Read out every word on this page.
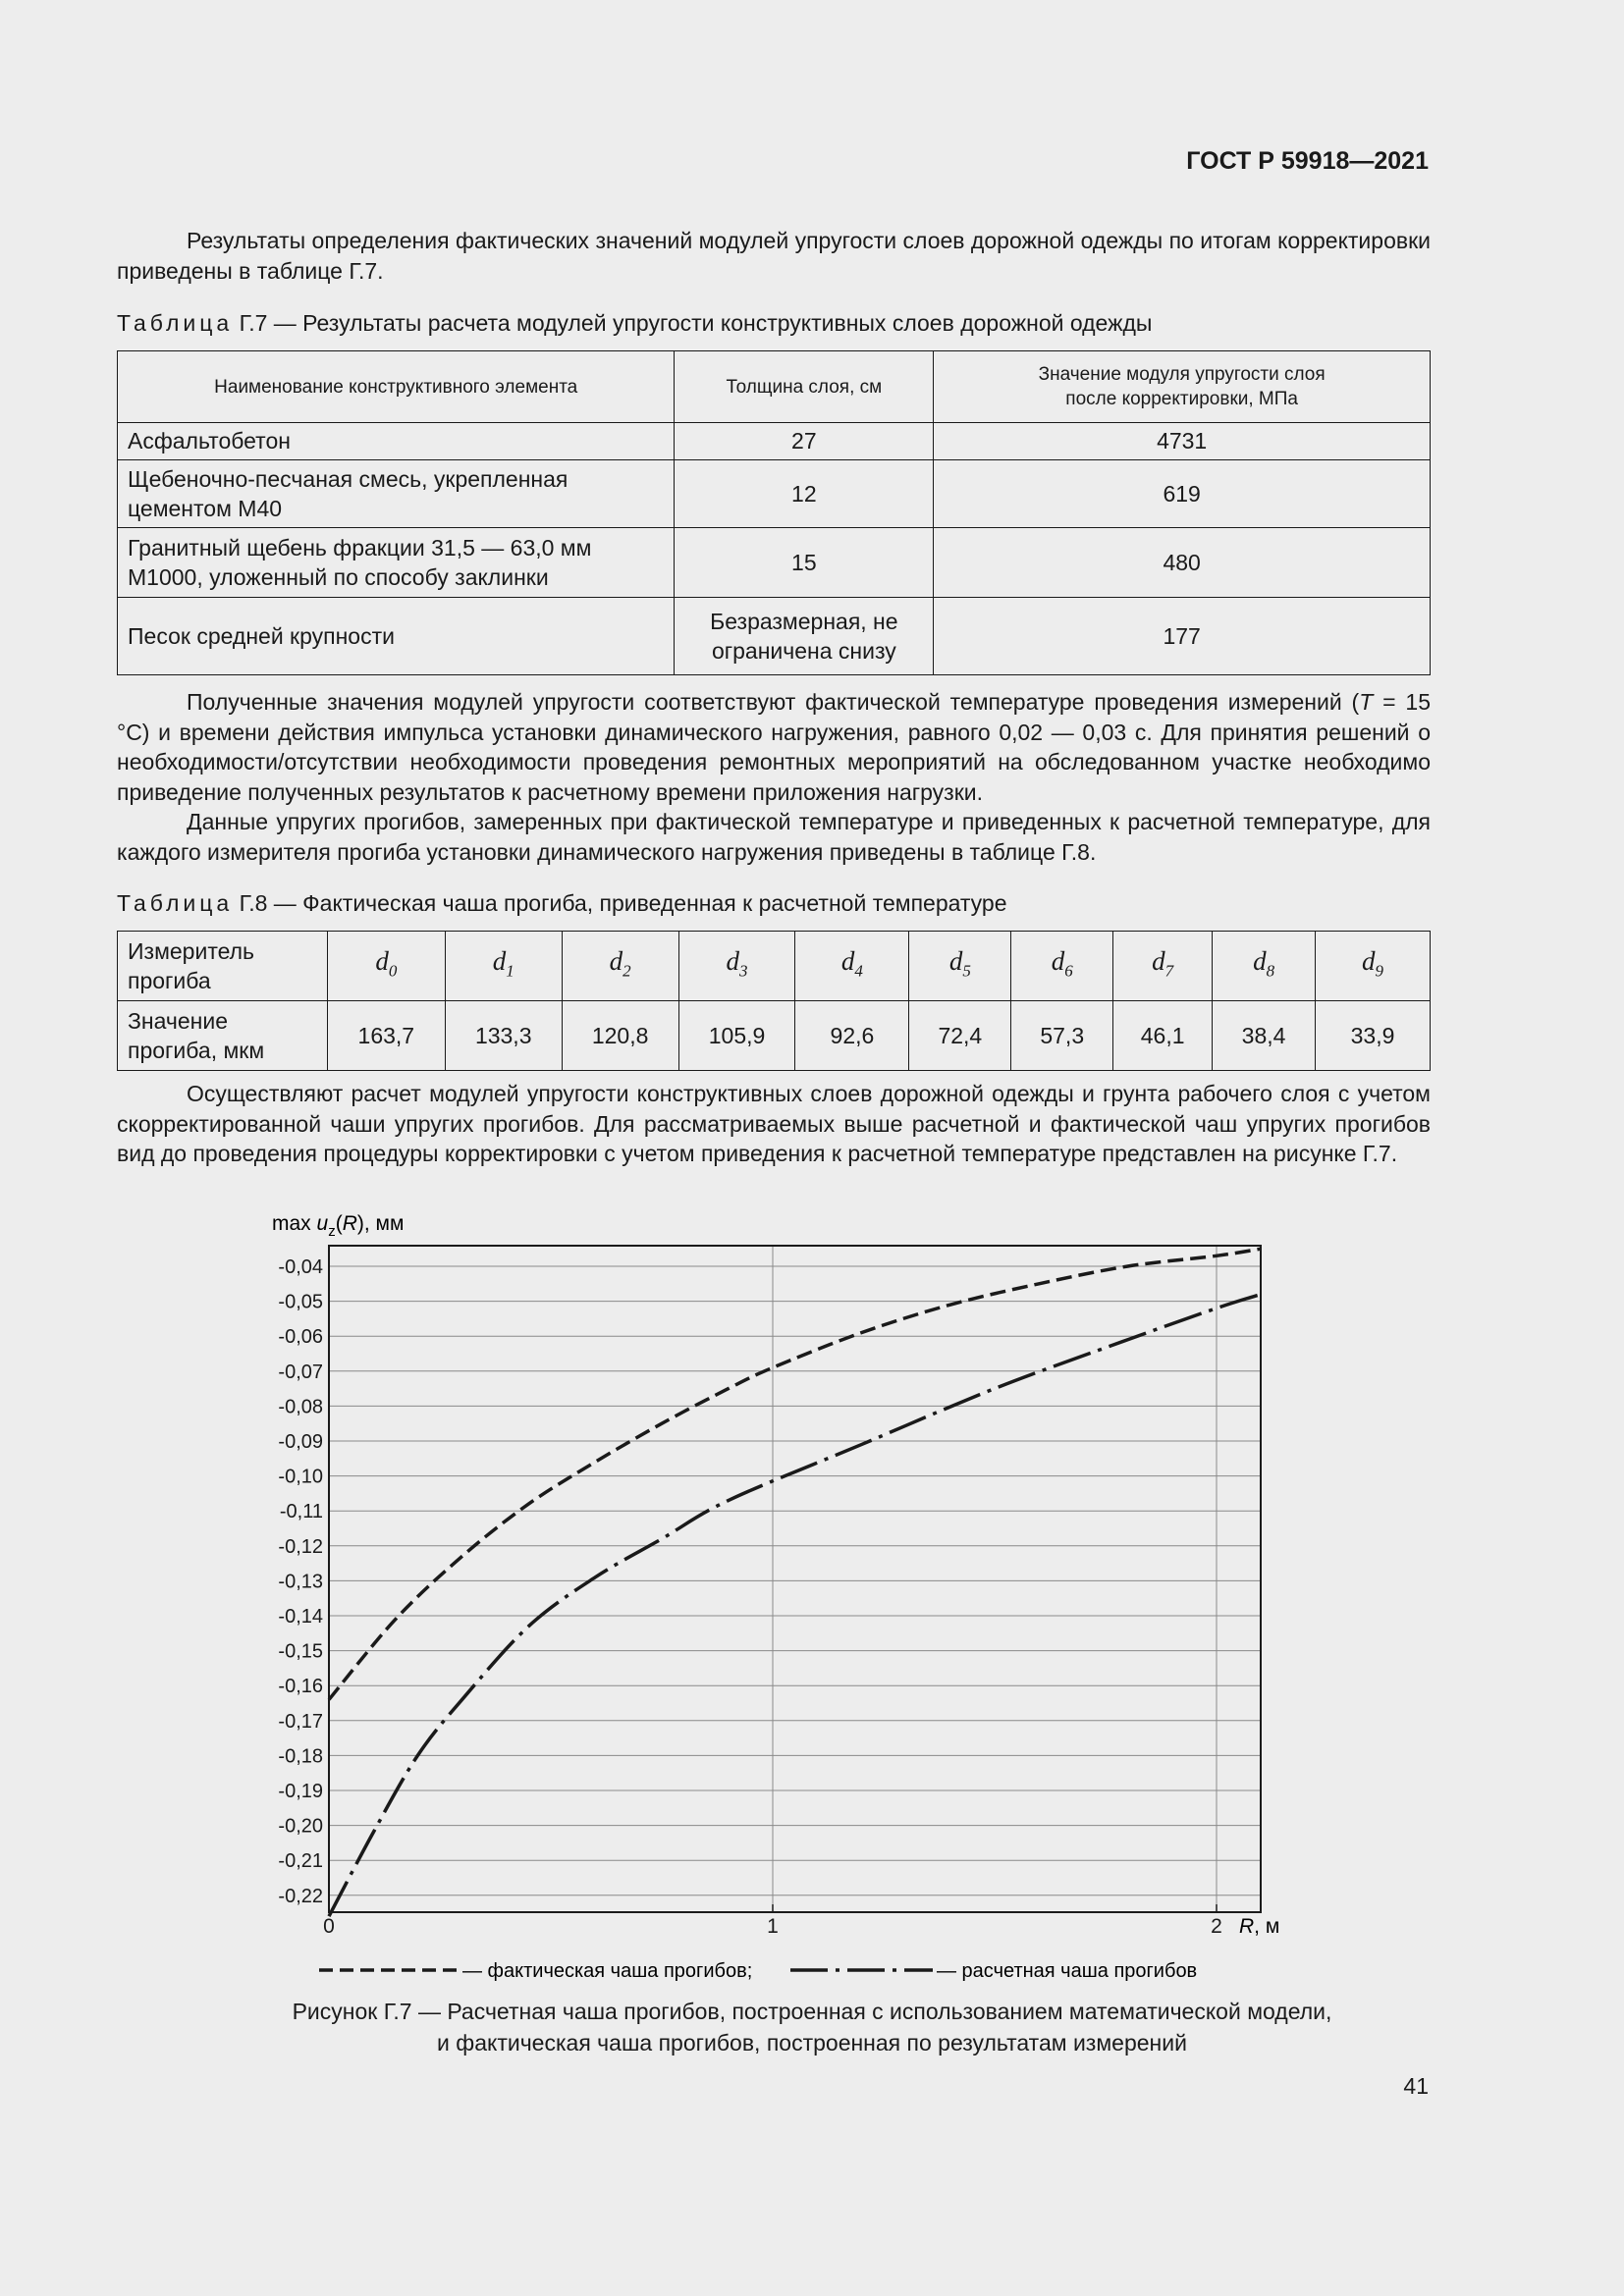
ГОСТ Р 59918—2021

Результаты определения фактических значений модулей упругости слоев дорожной одежды по итогам корректировки приведены в таблице Г.7.

Таблица Г.7 — Результаты расчета модулей упругости конструктивных слоев дорожной одежды
Наименование конструктивного элемента	Толщина слоя, см	Значение модуля упругости слоя после корректировки, МПа
Асфальтобетон	27	4731
Щебеночно-песчаная смесь, укрепленная цементом М40	12	619
Гранитный щебень фракции 31,5 — 63,0 мм М1000, уложенный по способу заклинки	15	480
Песок средней крупности	Безразмерная, не ограничена снизу	177

Полученные значения модулей упругости соответствуют фактической температуре проведения измерений (T = 15 °C) и времени действия импульса установки динамического нагружения, равного 0,02 — 0,03 с. Для принятия решений о необходимости/отсутствии необходимости проведения ремонтных мероприятий на обследованном участке необходимо приведение полученных результатов к расчетному времени приложения нагрузки.

Данные упругих прогибов, замеренных при фактической температуре и приведенных к расчетной температуре, для каждого измерителя прогиба установки динамического нагружения приведены в таблице Г.8.

Таблица Г.8 — Фактическая чаша прогиба, приведенная к расчетной температуре
Измеритель прогиба	$d_0$	$d_1$	$d_2$	$d_3$	$d_4$	$d_5$	$d_6$	$d_7$	$d_8$	$d_9$
Значение прогиба, мкм	163,7	133,3	120,8	105,9	92,6	72,4	57,3	46,1	38,4	33,9

Осуществляют расчет модулей упругости конструктивных слоев дорожной одежды и грунта рабочего слоя с учетом скорректированной чаши упругих прогибов. Для рассматриваемых выше расчетной и фактической чаш упругих прогибов вид до проведения процедуры корректировки с учетом приведения к расчетной температуре представлен на рисунке Г.7.

$\max u_z(R)$, мм
-0,04
-0,05
-0,06
-0,07
-0,08
-0,09
-0,10
-0,11
-0,12
-0,13
-0,14
-0,15
-0,16
-0,17
-0,18
-0,19
-0,20
-0,21
-0,22
0	1	2 R, м
— фактическая чаша прогибов;	— расчетная чаша прогибов
Рисунок Г.7 — Расчетная чаша прогибов, построенная с использованием математической модели,
и фактическая чаша прогибов, построенная по результатам измерений
41
